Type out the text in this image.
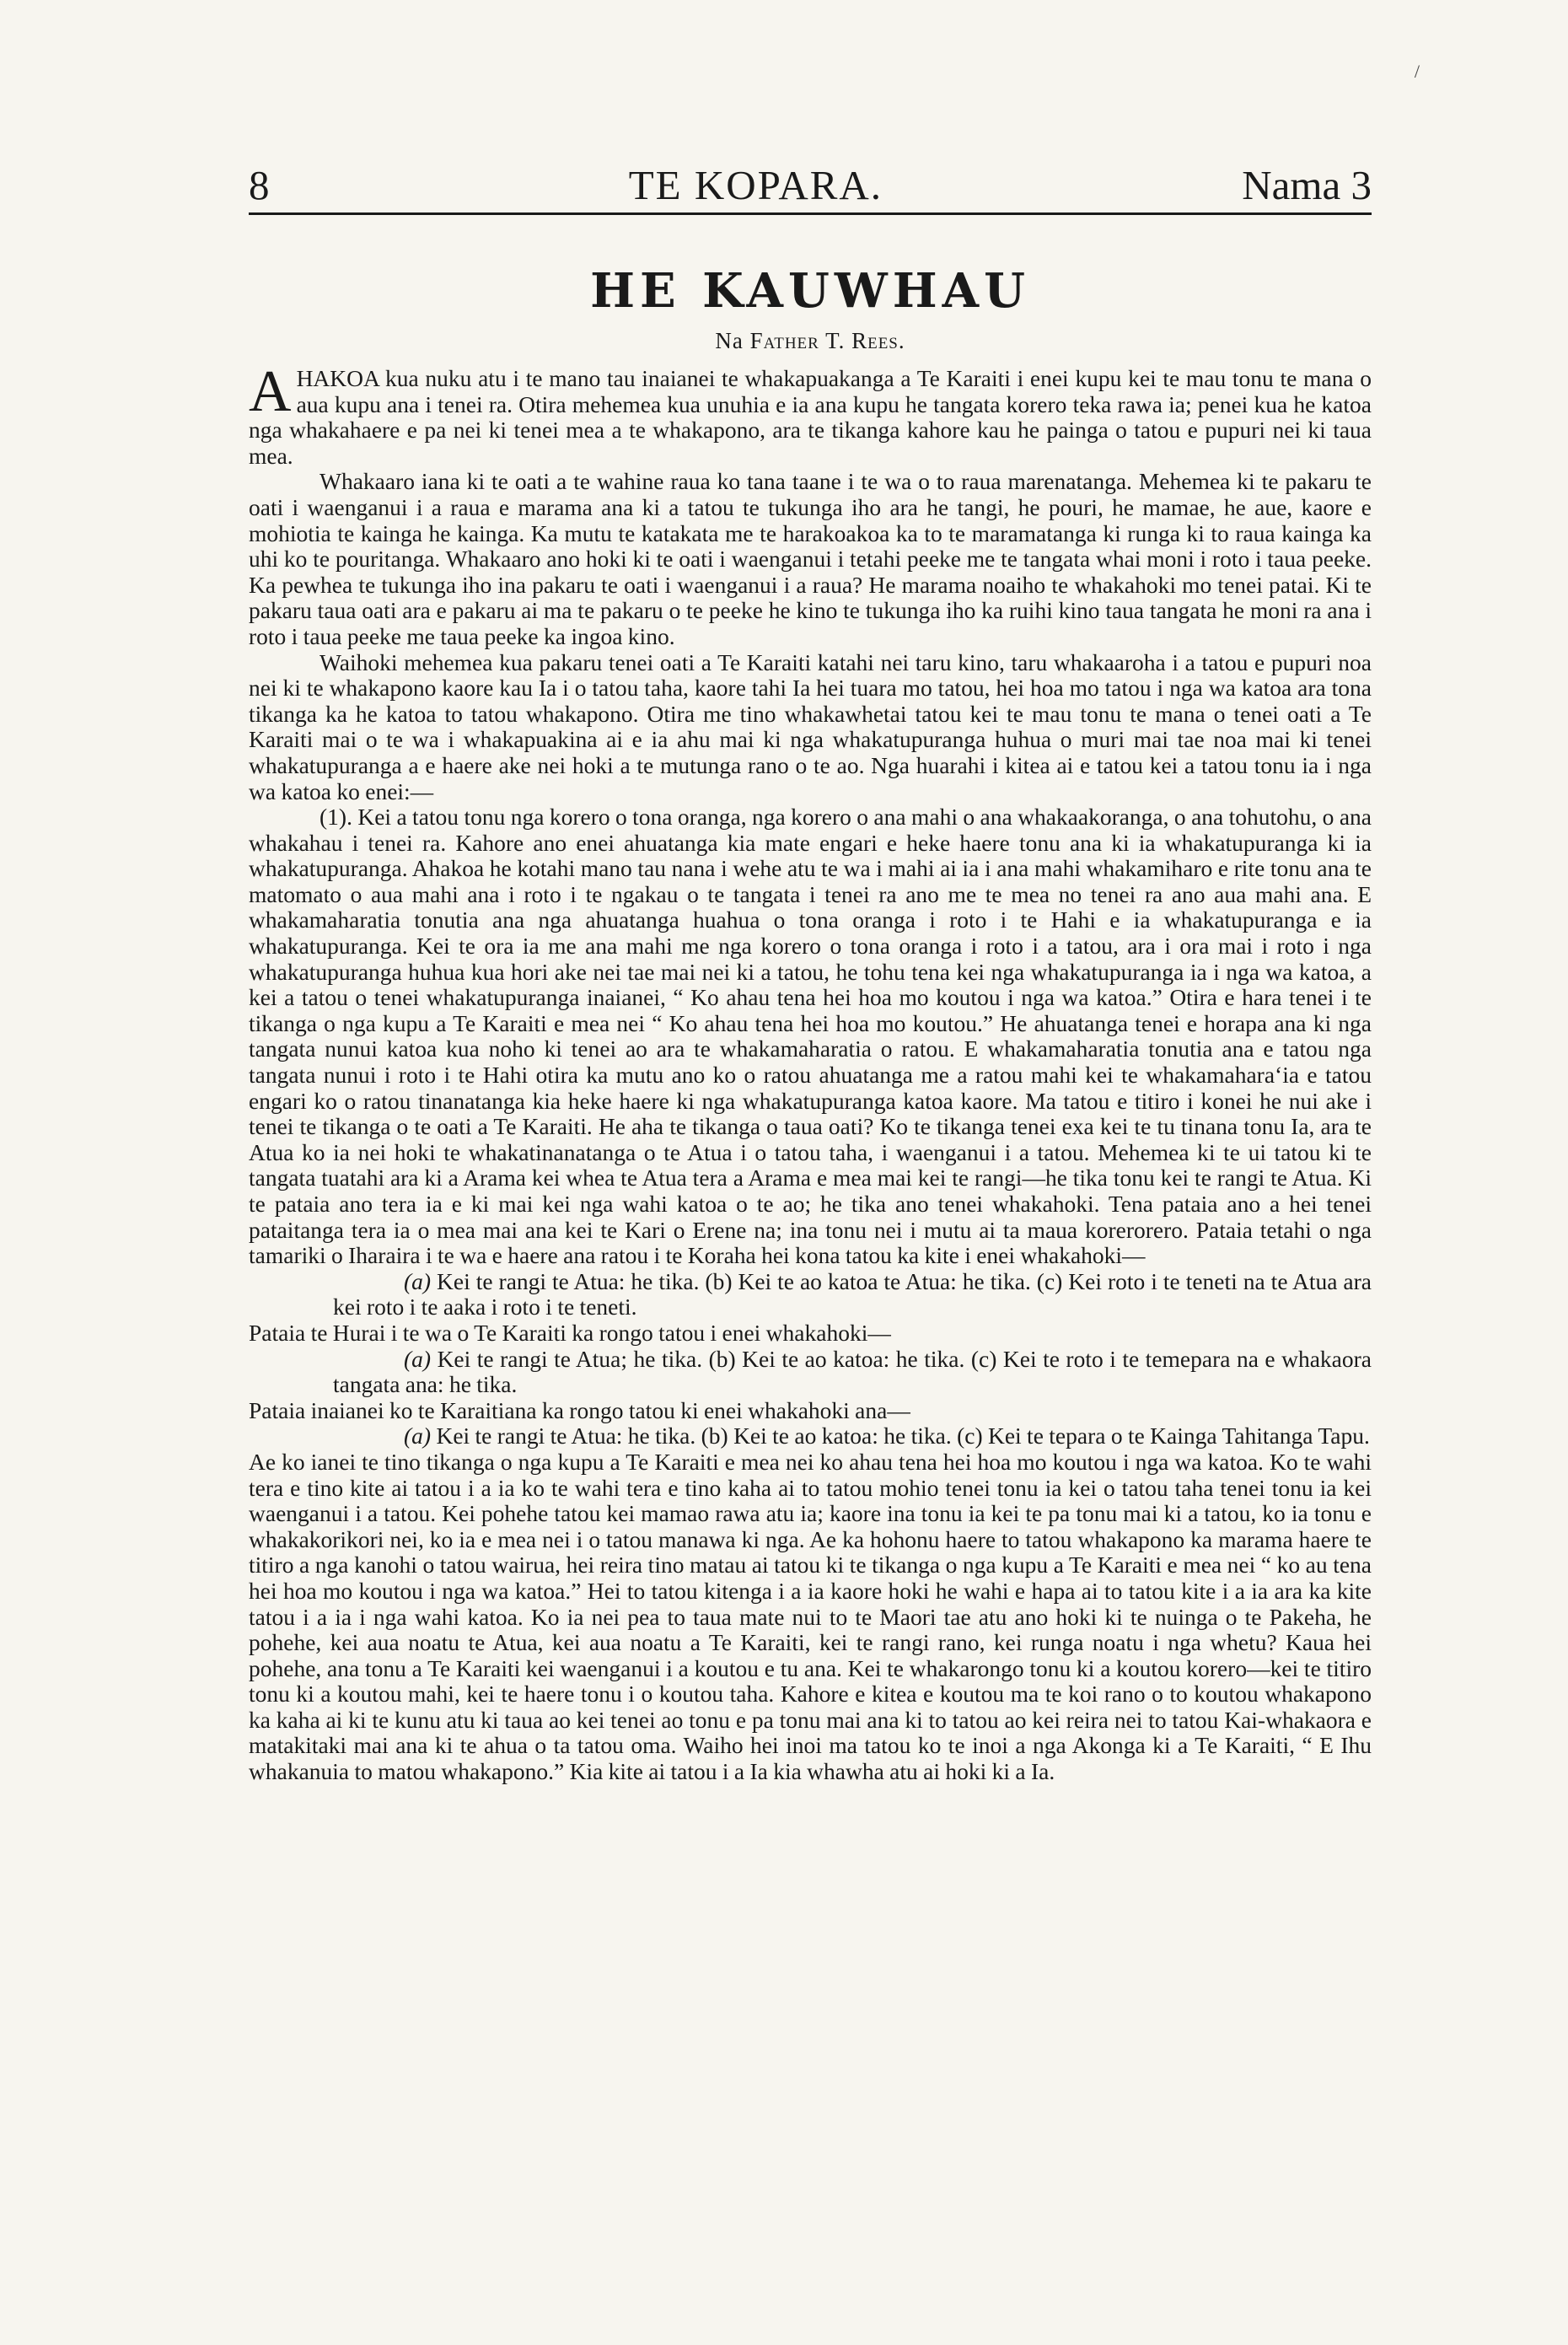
/
8	TE KOPARA.	Nama 3
HE KAUWHAU
Na Father T. Rees.

AHAKOA kua nuku atu i te mano tau inaianei te whakapuakanga a Te Karaiti i enei kupu kei te mau tonu te mana o aua kupu ana i tenei ra. Otira mehemea kua unuhia e ia ana kupu he tangata korero teka rawa ia; penei kua he katoa nga whakahaere e pa nei ki tenei mea a te whakapono, ara te tikanga kahore kau he painga o tatou e pupuri nei ki taua mea.

Whakaaro iana ki te oati a te wahine raua ko tana taane i te wa o to raua marenatanga. Mehemea ki te pakaru te oati i waenganui i a raua e marama ana ki a tatou te tukunga iho ara he tangi, he pouri, he mamae, he aue, kaore e mohiotia te kainga he kainga. Ka mutu te katakata me te harakoakoa ka to te maramatanga ki runga ki to raua kainga ka uhi ko te pouritanga. Whakaaro ano hoki ki te oati i waenganui i tetahi peeke me te tangata whai moni i roto i taua peeke. Ka pewhea te tukunga iho ina pakaru te oati i waenganui i a raua? He marama noaiho te whakahoki mo tenei patai. Ki te pakaru taua oati ara e pakaru ai ma te pakaru o te peeke he kino te tukunga iho ka ruihi kino taua tangata he moni ra ana i roto i taua peeke me taua peeke ka ingoa kino.

Waihoki mehemea kua pakaru tenei oati a Te Karaiti katahi nei taru kino, taru whakaaroha i a tatou e pupuri noa nei ki te whakapono kaore kau Ia i o tatou taha, kaore tahi Ia hei tuara mo tatou, hei hoa mo tatou i nga wa katoa ara tona tikanga ka he katoa to tatou whakapono. Otira me tino whakawhetai tatou kei te mau tonu te mana o tenei oati a Te Karaiti mai o te wa i whakapuakina ai e ia ahu mai ki nga whakatupuranga huhua o muri mai tae noa mai ki tenei whakatupuranga a e haere ake nei hoki a te mutunga rano o te ao. Nga huarahi i kitea ai e tatou kei a tatou tonu ia i nga wa katoa ko enei:—

(1). Kei a tatou tonu nga korero o tona oranga, nga korero o ana mahi o ana whakaakoranga, o ana tohutohu, o ana whakahau i tenei ra. Kahore ano enei ahuatanga kia mate engari e heke haere tonu ana ki ia whakatupuranga ki ia whakatupuranga. Ahakoa he kotahi mano tau nana i wehe atu te wa i mahi ai ia i ana mahi whakamiharo e rite tonu ana te matomato o aua mahi ana i roto i te ngakau o te tangata i tenei ra ano me te mea no tenei ra ano aua mahi ana. E whakamaharatia tonutia ana nga ahuatanga huahua o tona oranga i roto i te Hahi e ia whakatupuranga e ia whakatupuranga. Kei te ora ia me ana mahi me nga korero o tona oranga i roto i a tatou, ara i ora mai i roto i nga whakatupuranga huhua kua hori ake nei tae mai nei ki a tatou, he tohu tena kei nga whakatupuranga ia i nga wa katoa, a kei a tatou o tenei whakatupuranga inaianei, “ Ko ahau tena hei hoa mo koutou i nga wa katoa.” Otira e hara tenei i te tikanga o nga kupu a Te Karaiti e mea nei “ Ko ahau tena hei hoa mo koutou.” He ahuatanga tenei e horapa ana ki nga tangata nunui katoa kua noho ki tenei ao ara te whakamaharatia o ratou. E whakamaharatia tonutia ana e tatou nga tangata nunui i roto i te Hahi otira ka mutu ano ko o ratou ahuatanga me a ratou mahi kei te whakamahara‘ia e tatou engari ko o ratou tinanatanga kia heke haere ki nga whakatupuranga katoa kaore. Ma tatou e titiro i konei he nui ake i tenei te tikanga o te oati a Te Karaiti. He aha te tikanga o taua oati? Ko te tikanga tenei exa kei te tu tinana tonu Ia, ara te Atua ko ia nei hoki te whakatinanatanga o te Atua i o tatou taha, i waenganui i a tatou. Mehemea ki te ui tatou ki te tangata tuatahi ara ki a Arama kei whea te Atua tera a Arama e mea mai kei te rangi—he tika tonu kei te rangi te Atua. Ki te pataia ano tera ia e ki mai kei nga wahi katoa o te ao; he tika ano tenei whakahoki. Tena pataia ano a hei tenei pataitanga tera ia o mea mai ana kei te Kari o Erene na; ina tonu nei i mutu ai ta maua korerorero. Pataia tetahi o nga tamariki o Iharaira i te wa e haere ana ratou i te Koraha hei kona tatou ka kite i enei whakahoki—

(a) Kei te rangi te Atua: he tika. (b) Kei te ao katoa te Atua: he tika. (c) Kei roto i te teneti na te Atua ara kei roto i te aaka i roto i te teneti.

Pataia te Hurai i te wa o Te Karaiti ka rongo tatou i enei whakahoki—

(a) Kei te rangi te Atua; he tika. (b) Kei te ao katoa: he tika. (c) Kei te roto i te temepara na e whakaora tangata ana: he tika.

Pataia inaianei ko te Karaitiana ka rongo tatou ki enei whakahoki ana—

(a) Kei te rangi te Atua: he tika. (b) Kei te ao katoa: he tika. (c) Kei te tepara o te Kainga Tahitanga Tapu.

Ae ko ianei te tino tikanga o nga kupu a Te Karaiti e mea nei ko ahau tena hei hoa mo koutou i nga wa katoa. Ko te wahi tera e tino kite ai tatou i a ia ko te wahi tera e tino kaha ai to tatou mohio tenei tonu ia kei o tatou taha tenei tonu ia kei waenganui i a tatou. Kei pohehe tatou kei mamao rawa atu ia; kaore ina tonu ia kei te pa tonu mai ki a tatou, ko ia tonu e whakakorikori nei, ko ia e mea nei i o tatou manawa ki nga. Ae ka hohonu haere to tatou whakapono ka marama haere te titiro a nga kanohi o tatou wairua, hei reira tino matau ai tatou ki te tikanga o nga kupu a Te Karaiti e mea nei “ ko au tena hei hoa mo koutou i nga wa katoa.” Hei to tatou kitenga i a ia kaore hoki he wahi e hapa ai to tatou kite i a ia ara ka kite tatou i a ia i nga wahi katoa. Ko ia nei pea to taua mate nui to te Maori tae atu ano hoki ki te nuinga o te Pakeha, he pohehe, kei aua noatu te Atua, kei aua noatu a Te Karaiti, kei te rangi rano, kei runga noatu i nga whetu? Kaua hei pohehe, ana tonu a Te Karaiti kei waenganui i a koutou e tu ana. Kei te whakarongo tonu ki a koutou korero—kei te titiro tonu ki a koutou mahi, kei te haere tonu i o koutou taha. Kahore e kitea e koutou ma te koi rano o to koutou whakapono ka kaha ai ki te kunu atu ki taua ao kei tenei ao tonu e pa tonu mai ana ki to tatou ao kei reira nei to tatou Kai-whakaora e matakitaki mai ana ki te ahua o ta tatou oma. Waiho hei inoi ma tatou ko te inoi a nga Akonga ki a Te Karaiti, “ E Ihu whakanuia to matou whakapono.” Kia kite ai tatou i a Ia kia whawha atu ai hoki ki a Ia.
